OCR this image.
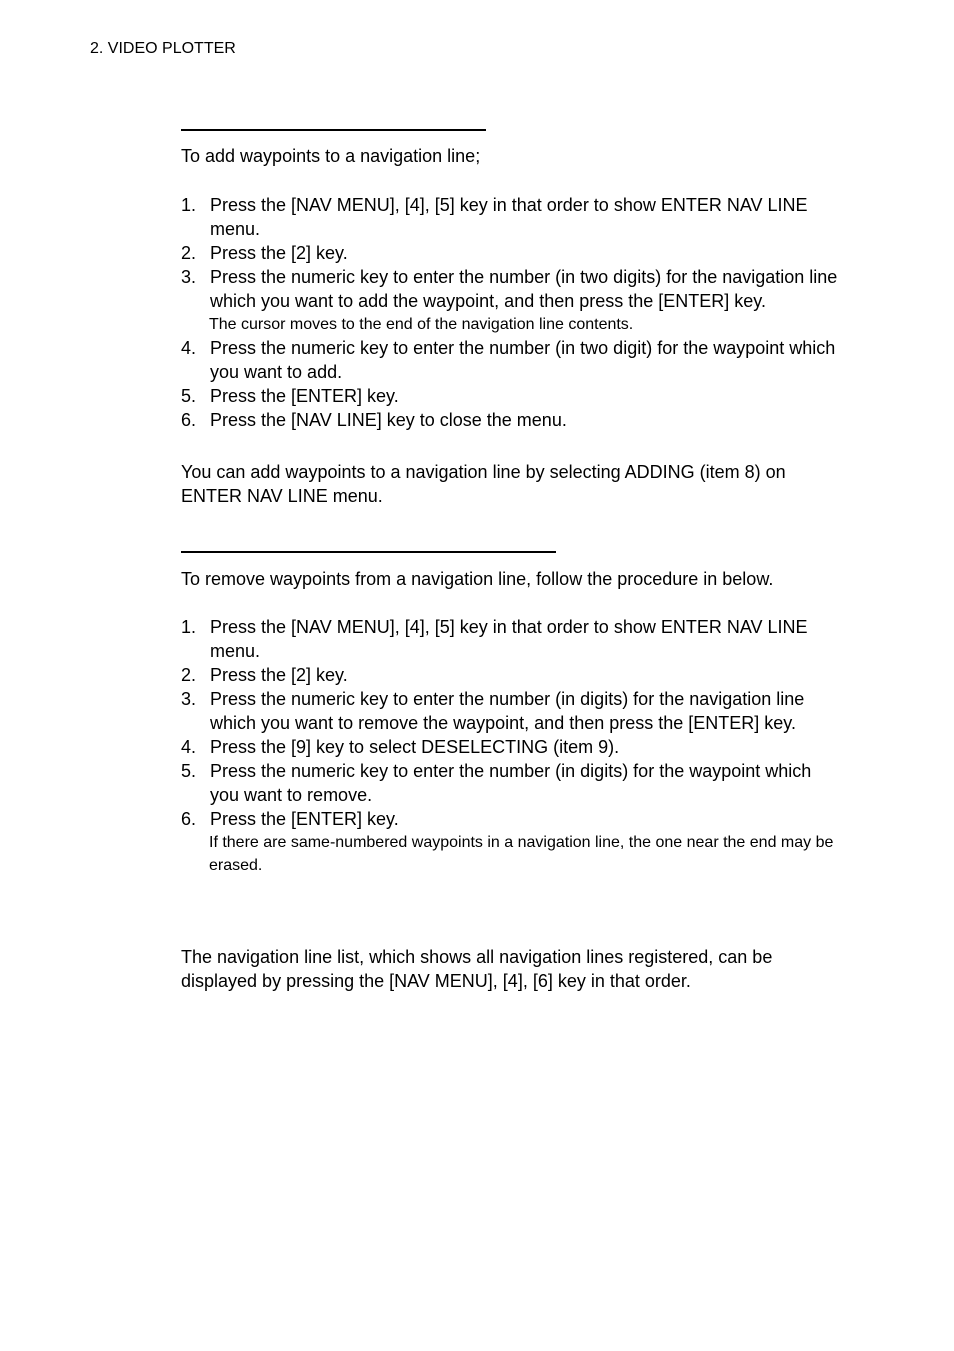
2. VIDEO PLOTTER

To add waypoints to a navigation line;

1. Press the [NAV MENU], [4], [5] key in that order to show ENTER NAV LINE menu.
2. Press the [2] key.
3. Press the numeric key to enter the number (in two digits) for the navigation line which you want to add the waypoint, and then press the [ENTER] key.
The cursor moves to the end of the navigation line contents.
4. Press the numeric key to enter the number (in two digit) for the waypoint which you want to add.
5. Press the [ENTER] key.
6. Press the [NAV LINE] key to close the menu.

You can add waypoints to a navigation line by selecting ADDING (item 8) on ENTER NAV LINE menu.

To remove waypoints from a navigation line, follow the procedure in below.

1. Press the [NAV MENU], [4], [5] key in that order to show ENTER NAV LINE menu.
2. Press the [2] key.
3. Press the numeric key to enter the number (in digits) for the navigation line which you want to remove the waypoint, and then press the [ENTER] key.
4. Press the [9] key to select DESELECTING (item 9).
5. Press the numeric key to enter the number (in digits) for the waypoint which you want to remove.
6. Press the [ENTER] key.
If there are same-numbered waypoints in a navigation line, the one near the end may be erased.

The navigation line list, which shows all navigation lines registered, can be displayed by pressing the [NAV MENU], [4], [6] key in that order.
